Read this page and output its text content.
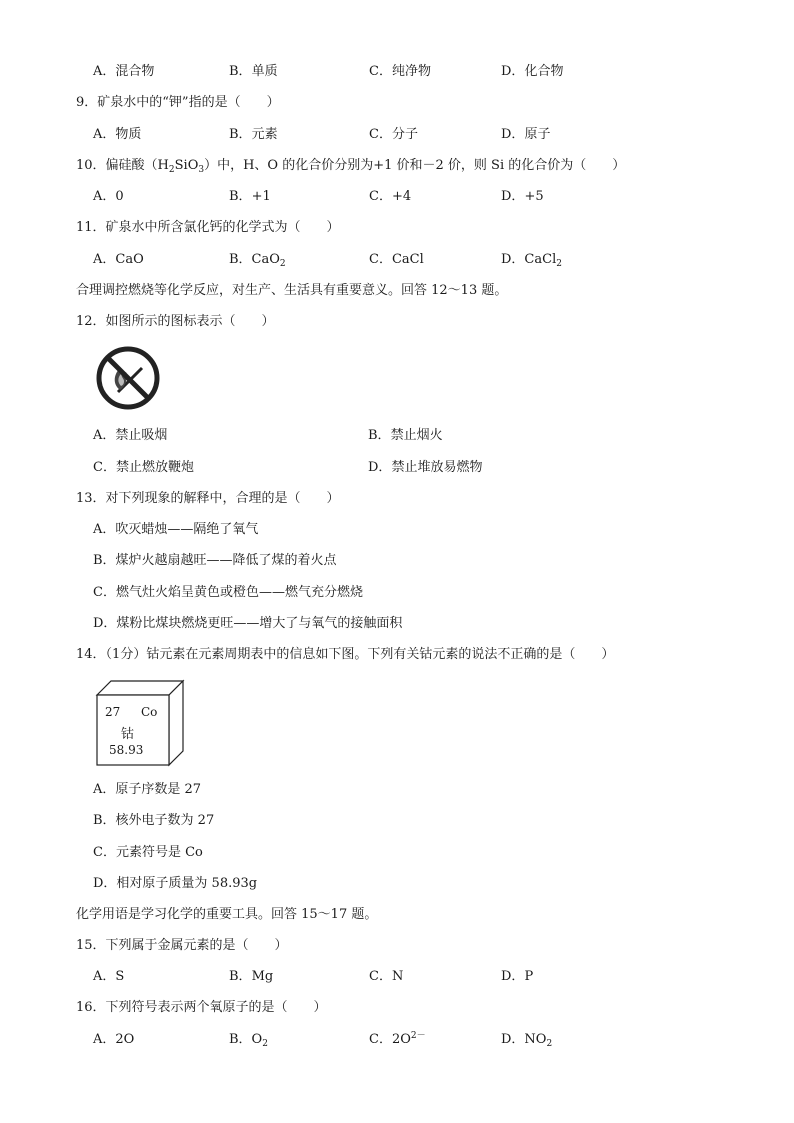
A．混合物	B．单质	C．纯净物	D．化合物
9．矿泉水中的“钾”指的是（　　）
A．物质	B．元素	C．分子	D．原子
10．偏硅酸$(H_2SiO_3)$中，H、O 的化合价分别为+1 价和－2 价，则 Si 的化合价为（　　）
A．0	B．+1	C．+4	D．+5
11．矿泉水中所含氯化钙的化学式为（　　）
A．CaO	B．CaO$_2$	C．CaCl	D．CaCl$_2$
合理调控燃烧等化学反应，对生产、生活具有重要意义。回答 12～13 题。
12．如图所示的图标表示（　　）
A．禁止吸烟	B．禁止烟火
C．禁止燃放鞭炮	D．禁止堆放易燃物
13．对下列现象的解释中，合理的是（　　）
A．吹灭蜡烛——隔绝了氧气
B．煤炉火越扇越旺——降低了煤的着火点
C．燃气灶火焰呈黄色或橙色——燃气充分燃烧
D．煤粉比煤块燃烧更旺——增大了与氧气的接触面积
14．（1分）钴元素在元素周期表中的信息如下图。下列有关钴元素的说法不正确的是（　　）
27 Co
钴
58.93
A．原子序数是 27
B．核外电子数为 27
C．元素符号是 Co
D．相对原子质量为 58.93g
化学用语是学习化学的重要工具。回答 15～17 题。
15．下列属于金属元素的是（　　）
A．S	B．Mg	C．N	D．P
16．下列符号表示两个氧原子的是（　　）
A．2O	B．$O_2$	C．$2O^{2-}$	D．$NO_2$
